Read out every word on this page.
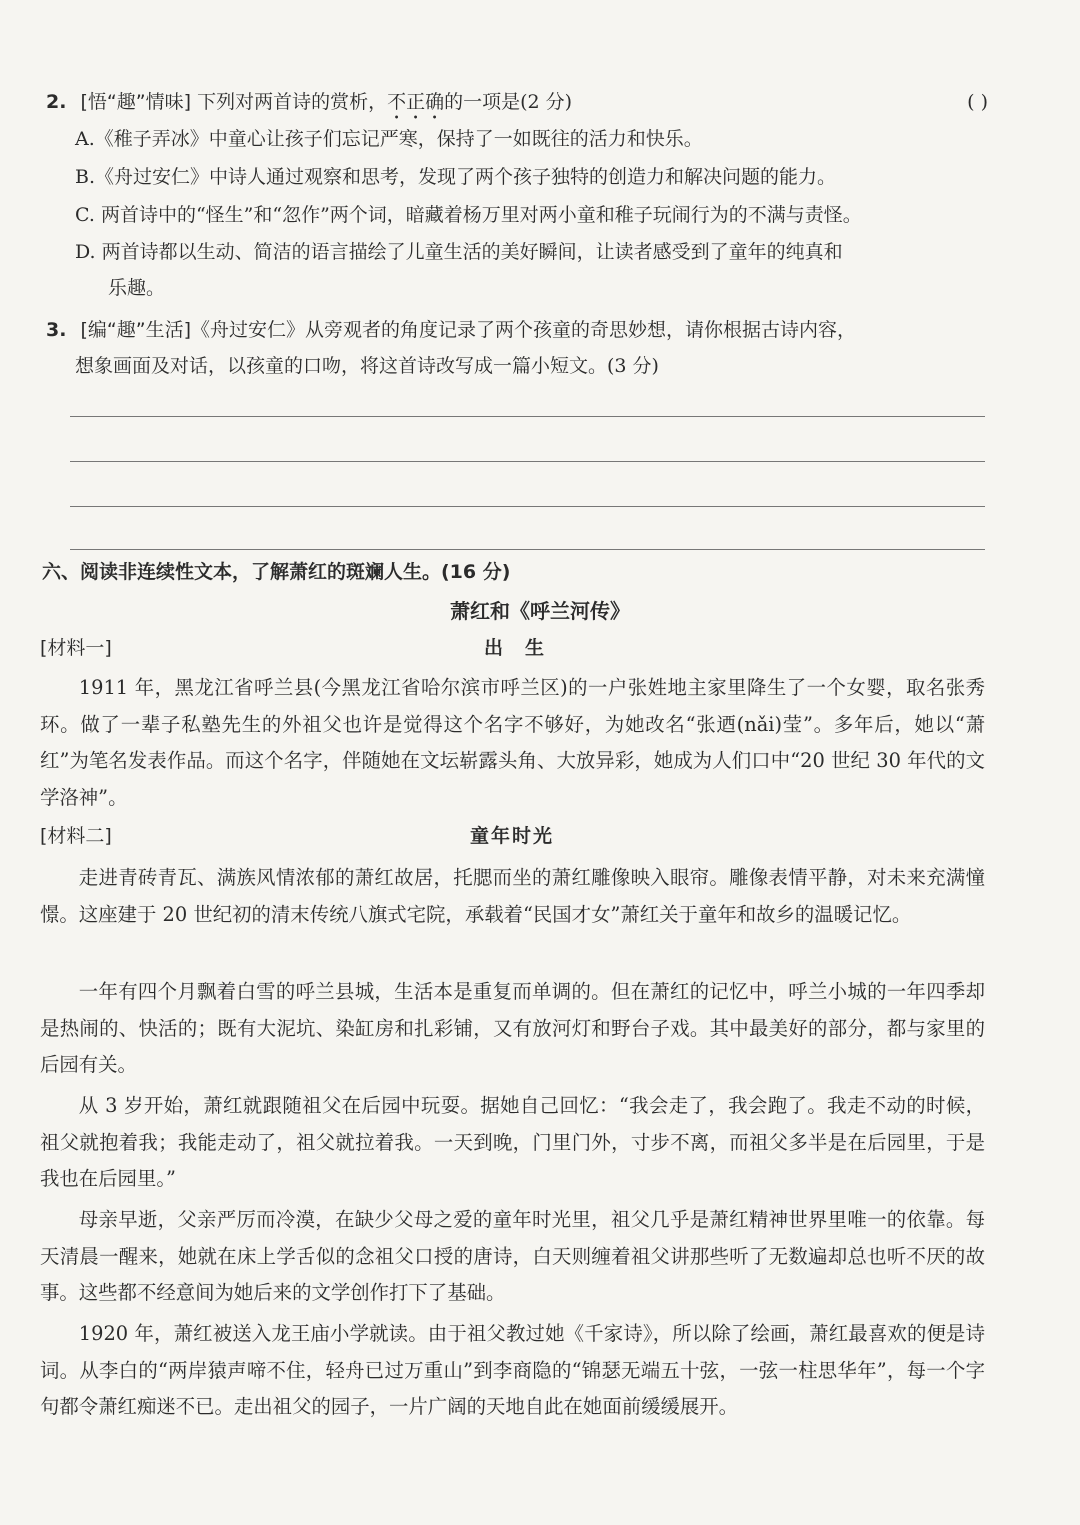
2. [悟“趣”情味] 下列对两首诗的赏析，不正确的一项是(2 分)	( )
A.《稚子弄冰》中童心让孩子们忘记严寒，保持了一如既往的活力和快乐。
B.《舟过安仁》中诗人通过观察和思考，发现了两个孩子独特的创造力和解决问题的能力。
C. 两首诗中的“怪生”和“忽作”两个词，暗藏着杨万里对两小童和稚子玩闹行为的不满与责怪。
D. 两首诗都以生动、简洁的语言描绘了儿童生活的美好瞬间，让读者感受到了童年的纯真和
乐趣。
3. [编“趣”生活]《舟过安仁》从旁观者的角度记录了两个孩童的奇思妙想，请你根据古诗内容，
想象画面及对话，以孩童的口吻，将这首诗改写成一篇小短文。(3 分)
六、阅读非连续性文本，了解萧红的斑斓人生。(16 分)
萧红和《呼兰河传》
[材料一]	出生
1911 年，黑龙江省呼兰县(今黑龙江省哈尔滨市呼兰区)的一户张姓地主家里降生了一个女婴，取名张秀环。做了一辈子私塾先生的外祖父也许是觉得这个名字不够好，为她改名“张迺(nǎi)莹”。多年后，她以“萧红”为笔名发表作品。而这个名字，伴随她在文坛崭露头角、大放异彩，她成为人们口中“20 世纪 30 年代的文学洛神”。
[材料二]	童年时光
走进青砖青瓦、满族风情浓郁的萧红故居，托腮而坐的萧红雕像映入眼帘。雕像表情平静，对未来充满憧憬。这座建于 20 世纪初的清末传统八旗式宅院，承载着“民国才女”萧红关于童年和故乡的温暖记忆。
一年有四个月飘着白雪的呼兰县城，生活本是重复而单调的。但在萧红的记忆中，呼兰小城的一年四季却是热闹的、快活的；既有大泥坑、染缸房和扎彩铺，又有放河灯和野台子戏。其中最美好的部分，都与家里的后园有关。
从 3 岁开始，萧红就跟随祖父在后园中玩耍。据她自己回忆：“我会走了，我会跑了。我走不动的时候，祖父就抱着我；我能走动了，祖父就拉着我。一天到晚，门里门外，寸步不离，而祖父多半是在后园里，于是我也在后园里。”
母亲早逝，父亲严厉而冷漠，在缺少父母之爱的童年时光里，祖父几乎是萧红精神世界里唯一的依靠。每天清晨一醒来，她就在床上学舌似的念祖父口授的唐诗，白天则缠着祖父讲那些听了无数遍却总也听不厌的故事。这些都不经意间为她后来的文学创作打下了基础。
1920 年，萧红被送入龙王庙小学就读。由于祖父教过她《千家诗》，所以除了绘画，萧红最喜欢的便是诗词。从李白的“两岸猿声啼不住，轻舟已过万重山”到李商隐的“锦瑟无端五十弦，一弦一柱思华年”，每一个字句都令萧红痴迷不已。走出祖父的园子，一片广阔的天地自此在她面前缓缓展开。
